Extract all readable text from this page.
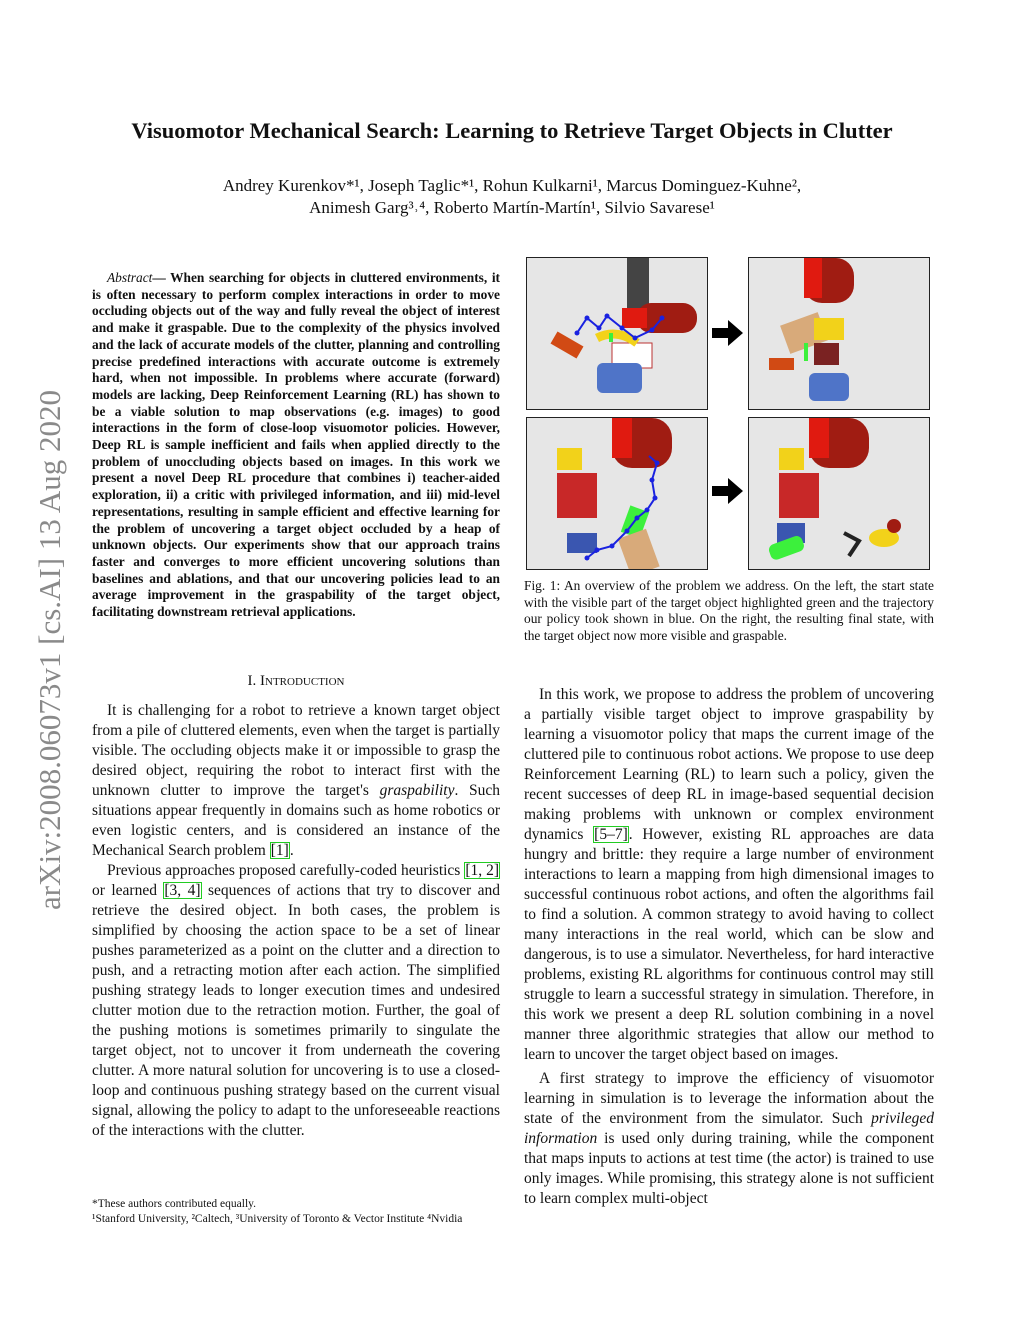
arXiv:2008.06073v1 [cs.AI] 13 Aug 2020
Visuomotor Mechanical Search: Learning to Retrieve Target Objects in Clutter
Andrey Kurenkov*¹, Joseph Taglic*¹, Rohun Kulkarni¹, Marcus Dominguez-Kuhne²,
Animesh Garg³˒⁴, Roberto Martín-Martín¹, Silvio Savarese¹
Abstract— When searching for objects in cluttered environments, it is often necessary to perform complex interactions in order to move occluding objects out of the way and fully reveal the object of interest and make it graspable. Due to the complexity of the physics involved and the lack of accurate models of the clutter, planning and controlling precise predefined interactions with accurate outcome is extremely hard, when not impossible. In problems where accurate (forward) models are lacking, Deep Reinforcement Learning (RL) has shown to be a viable solution to map observations (e.g. images) to good interactions in the form of close-loop visuomotor policies. However, Deep RL is sample inefficient and fails when applied directly to the problem of unoccluding objects based on images. In this work we present a novel Deep RL procedure that combines i) teacher-aided exploration, ii) a critic with privileged information, and iii) mid-level representations, resulting in sample efficient and effective learning for the problem of uncovering a target object occluded by a heap of unknown objects. Our experiments show that our approach trains faster and converges to more efficient uncovering solutions than baselines and ablations, and that our uncovering policies lead to an average improvement in the graspability of the target object, facilitating downstream retrieval applications.
I. Introduction

It is challenging for a robot to retrieve a known target object from a pile of cluttered elements, even when the target is partially visible. The occluding objects make it or impossible to grasp the desired object, requiring the robot to interact first with the unknown clutter to improve the target's graspability. Such situations appear frequently in domains such as home robotics or even logistic centers, and is considered an instance of the Mechanical Search problem [1].

Previous approaches proposed carefully-coded heuristics [1, 2] or learned [3, 4] sequences of actions that try to discover and retrieve the desired object. In both cases, the problem is simplified by choosing the action space to be a set of linear pushes parameterized as a point on the clutter and a direction to push, and a retracting motion after each action. The simplified pushing strategy leads to longer execution times and undesired clutter motion due to the retraction motion. Further, the goal of the pushing motions is sometimes primarily to singulate the target object, not to uncover it from underneath the covering clutter. A more natural solution for uncovering is to use a closed-loop and continuous pushing strategy based on the current visual signal, allowing the policy to adapt to the unforeseeable reactions of the interactions with the clutter.

*These authors contributed equally.
¹Stanford University, ²Caltech, ³University of Toronto & Vector Institute ⁴Nvidia
Fig. 1: An overview of the problem we address. On the left, the start state with the visible part of the target object highlighted green and the trajectory our policy took shown in blue. On the right, the resulting final state, with the target object now more visible and graspable.

In this work, we propose to address the problem of uncovering a partially visible target object to improve graspability by learning a visuomotor policy that maps the current image of the cluttered pile to continuous robot actions. We propose to use deep Reinforcement Learning (RL) to learn such a policy, given the recent successes of deep RL in image-based sequential decision making problems with unknown or complex environment dynamics [5–7]. However, existing RL approaches are data hungry and brittle: they require a large number of environment interactions to learn a mapping from high dimensional images to successful continuous robot actions, and often the algorithms fail to find a solution. A common strategy to avoid having to collect many interactions in the real world, which can be slow and dangerous, is to use a simulator. Nevertheless, for hard interactive problems, existing RL algorithms for continuous control may still struggle to learn a successful strategy in simulation. Therefore, in this work we present a deep RL solution combining in a novel manner three algorithmic strategies that allow our method to learn to uncover the target object based on images.

A first strategy to improve the efficiency of visuomotor learning in simulation is to leverage the information about the state of the environment from the simulator. Such privileged information is used only during training, while the component that maps inputs to actions at test time (the actor) is trained to use only images. While promising, this strategy alone is not sufficient to learn complex multi-object
